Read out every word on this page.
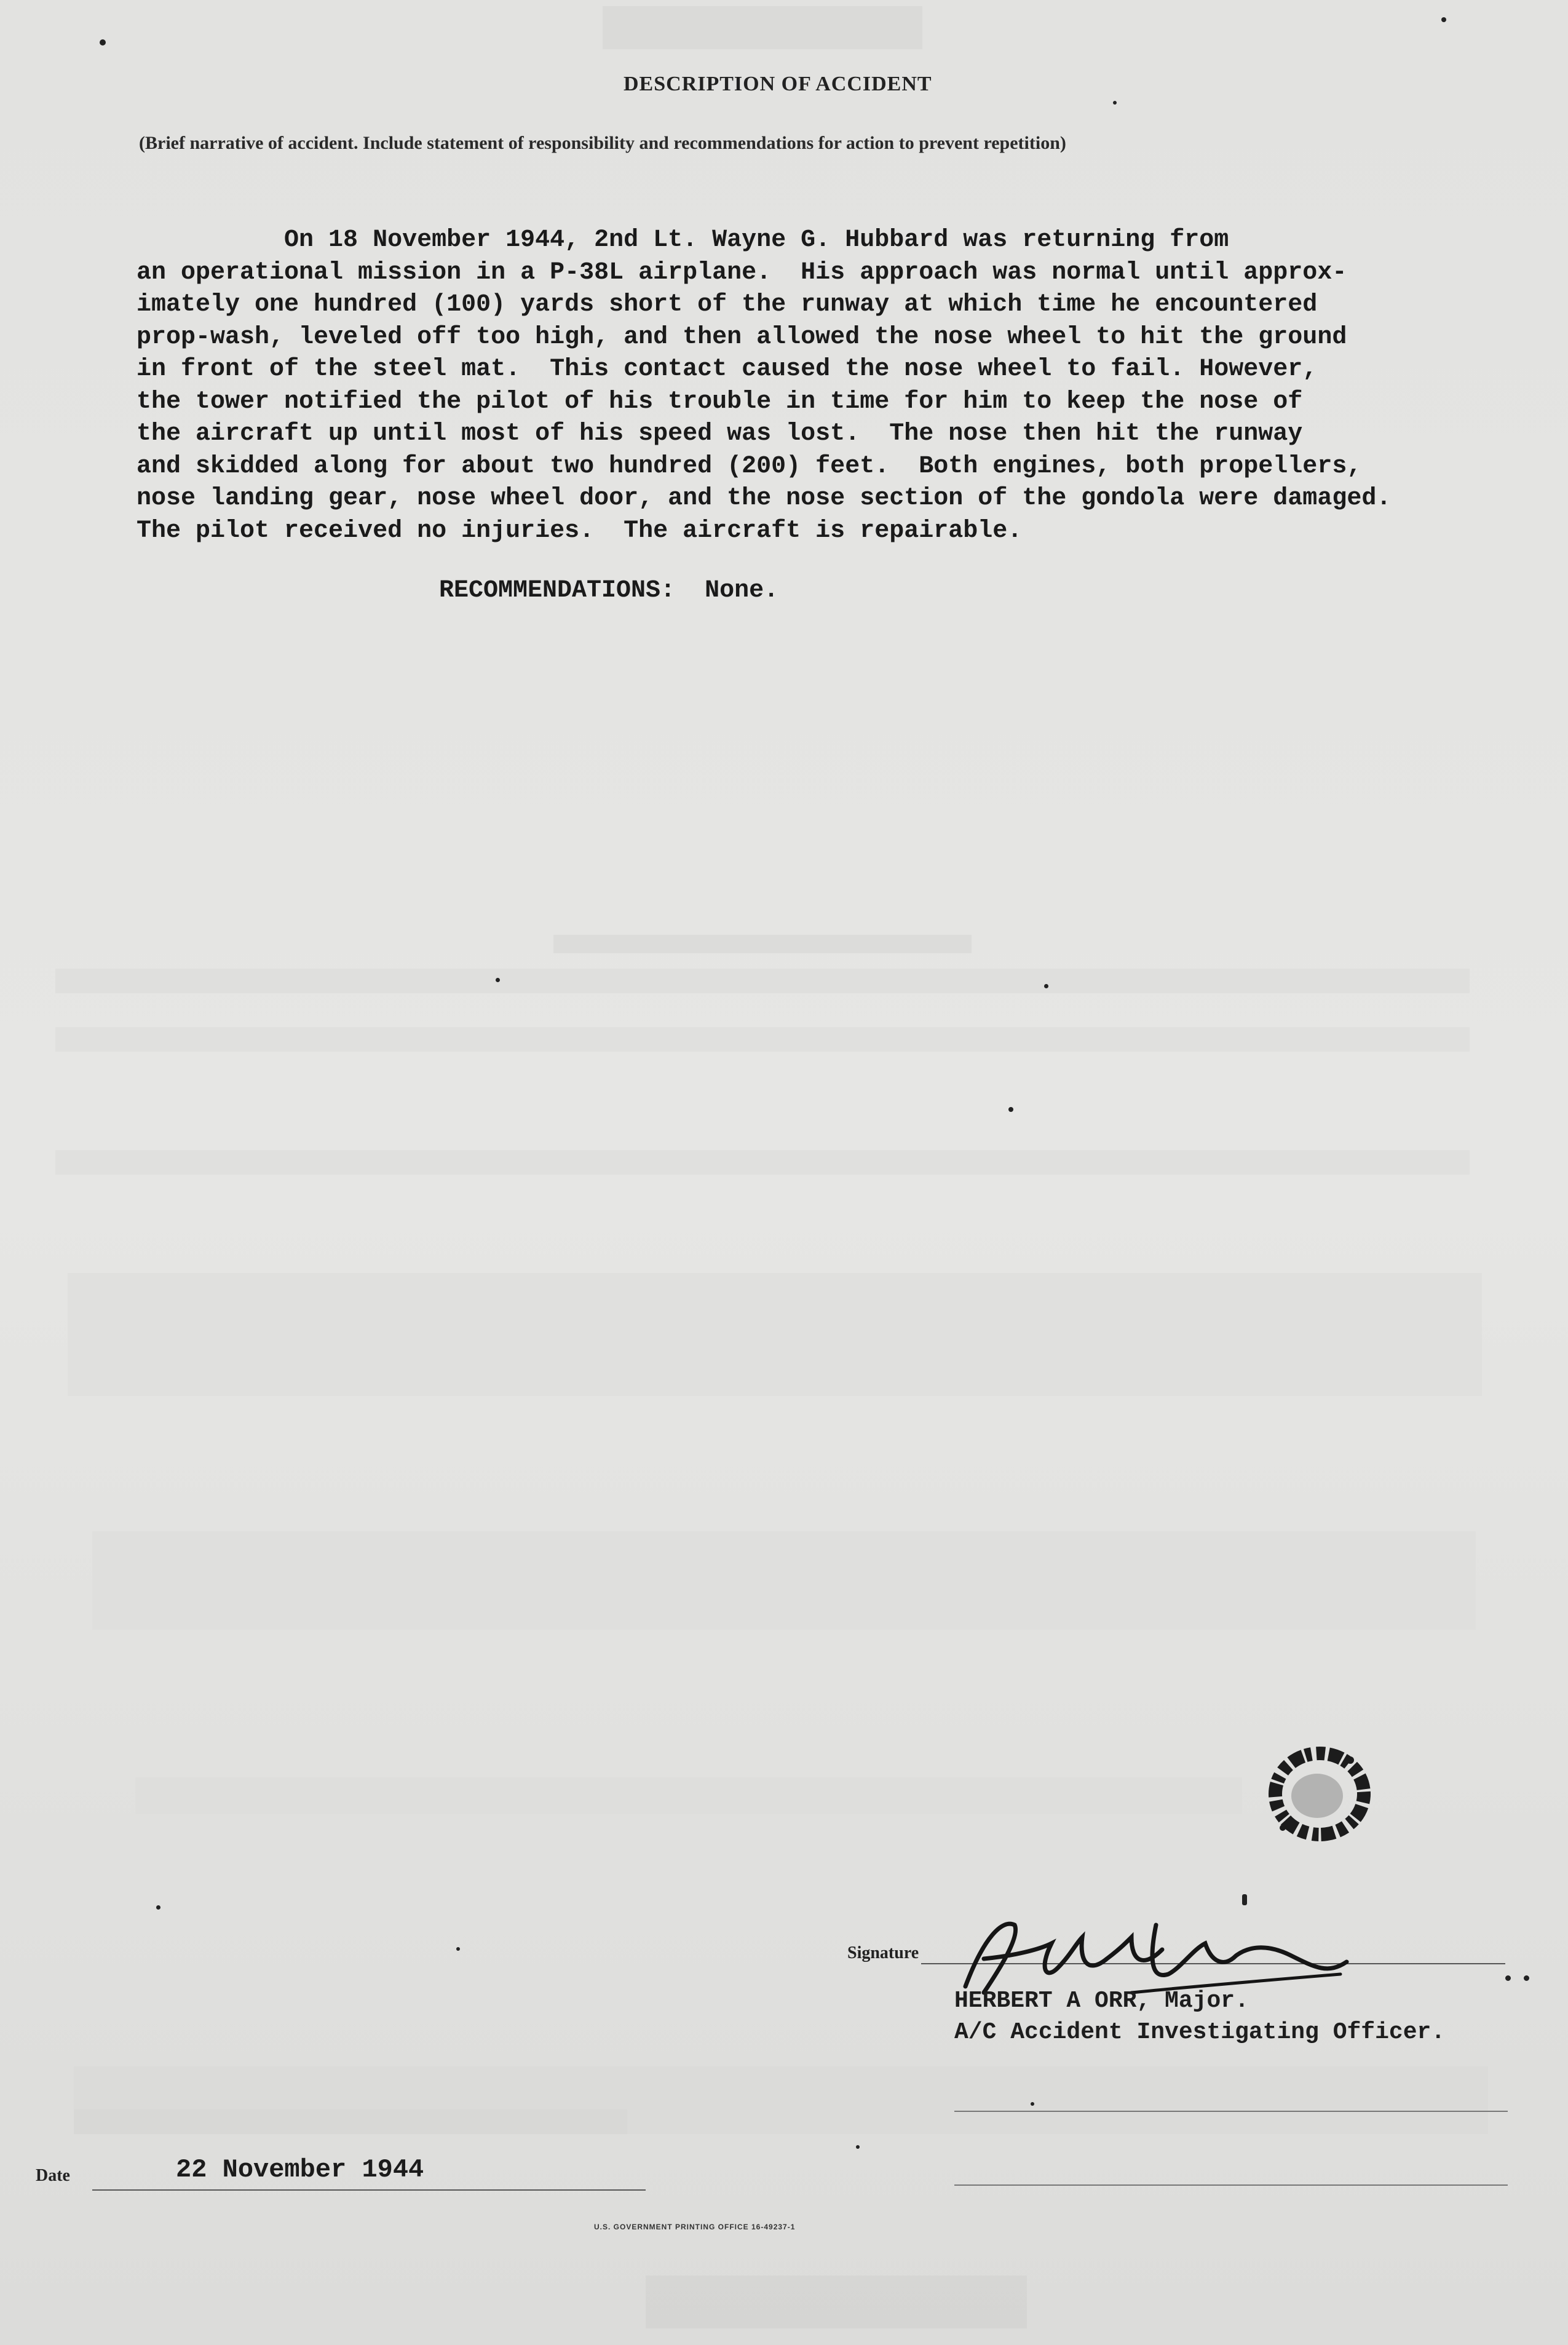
DESCRIPTION OF ACCIDENT
(Brief narrative of accident. Include statement of responsibility and recommendations for action to prevent repetition)
On 18 November 1944, 2nd Lt. Wayne G. Hubbard was returning from
an operational mission in a P-38L airplane.  His approach was normal until approx-
imately one hundred (100) yards short of the runway at which time he encountered
prop-wash, leveled off too high, and then allowed the nose wheel to hit the ground
in front of the steel mat.  This contact caused the nose wheel to fail. However,
the tower notified the pilot of his trouble in time for him to keep the nose of
the aircraft up until most of his speed was lost.  The nose then hit the runway
and skidded along for about two hundred (200) feet.  Both engines, both propellers,
nose landing gear, nose wheel door, and the nose section of the gondola were damaged.
The pilot received no injuries.  The aircraft is repairable.
RECOMMENDATIONS:  None.
Signature
HERBERT A ORR, Major.
A/C Accident Investigating Officer.
Date	22 November 1944
U.S. GOVERNMENT PRINTING OFFICE 16-49237-1
